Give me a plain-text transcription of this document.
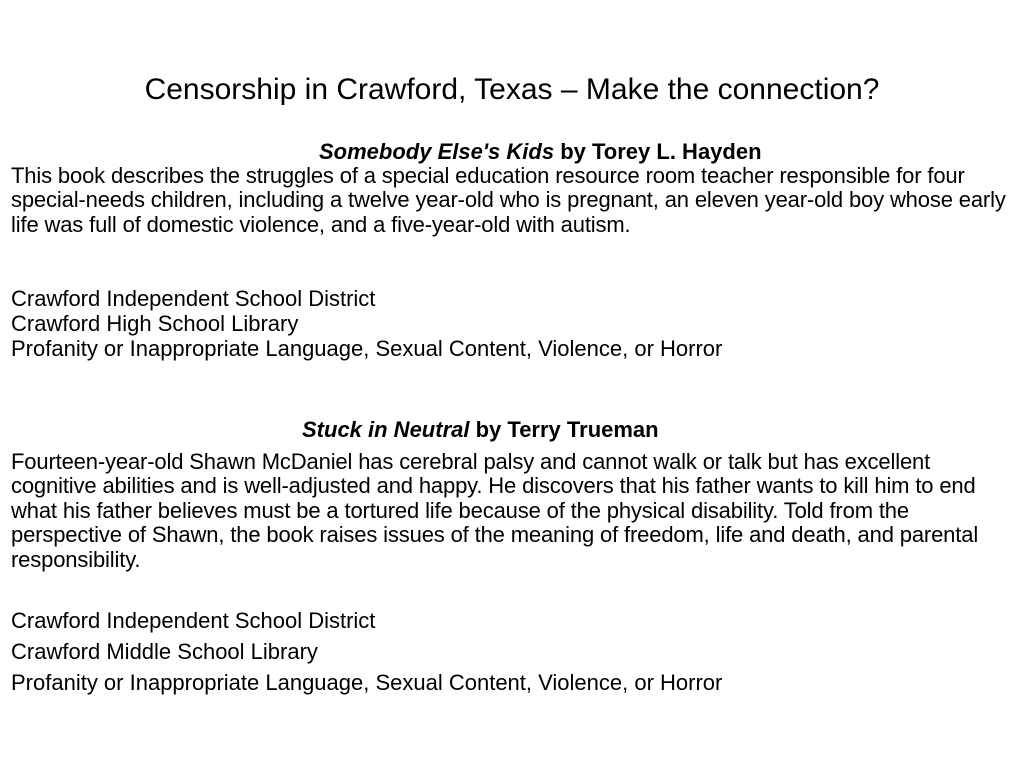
Censorship in Crawford, Texas – Make the connection?
Somebody Else's Kids by Torey L. Hayden
This book describes the struggles of a special education resource room teacher responsible for four special-needs children, including a twelve year-old who is pregnant, an eleven year-old boy whose early life was full of domestic violence, and a five-year-old with autism.
Crawford Independent School District
Crawford High School Library
Profanity or Inappropriate Language, Sexual Content, Violence, or Horror
Stuck in Neutral by Terry Trueman
Fourteen-year-old Shawn McDaniel has cerebral palsy and cannot walk or talk but has excellent cognitive abilities and is well-adjusted and happy. He discovers that his father wants to kill him to end what his father believes must be a tortured life because of the physical disability. Told from the perspective of Shawn, the book raises issues of the meaning of freedom, life and death, and parental responsibility.
Crawford Independent School District
Crawford Middle School Library
Profanity or Inappropriate Language, Sexual Content, Violence, or Horror
